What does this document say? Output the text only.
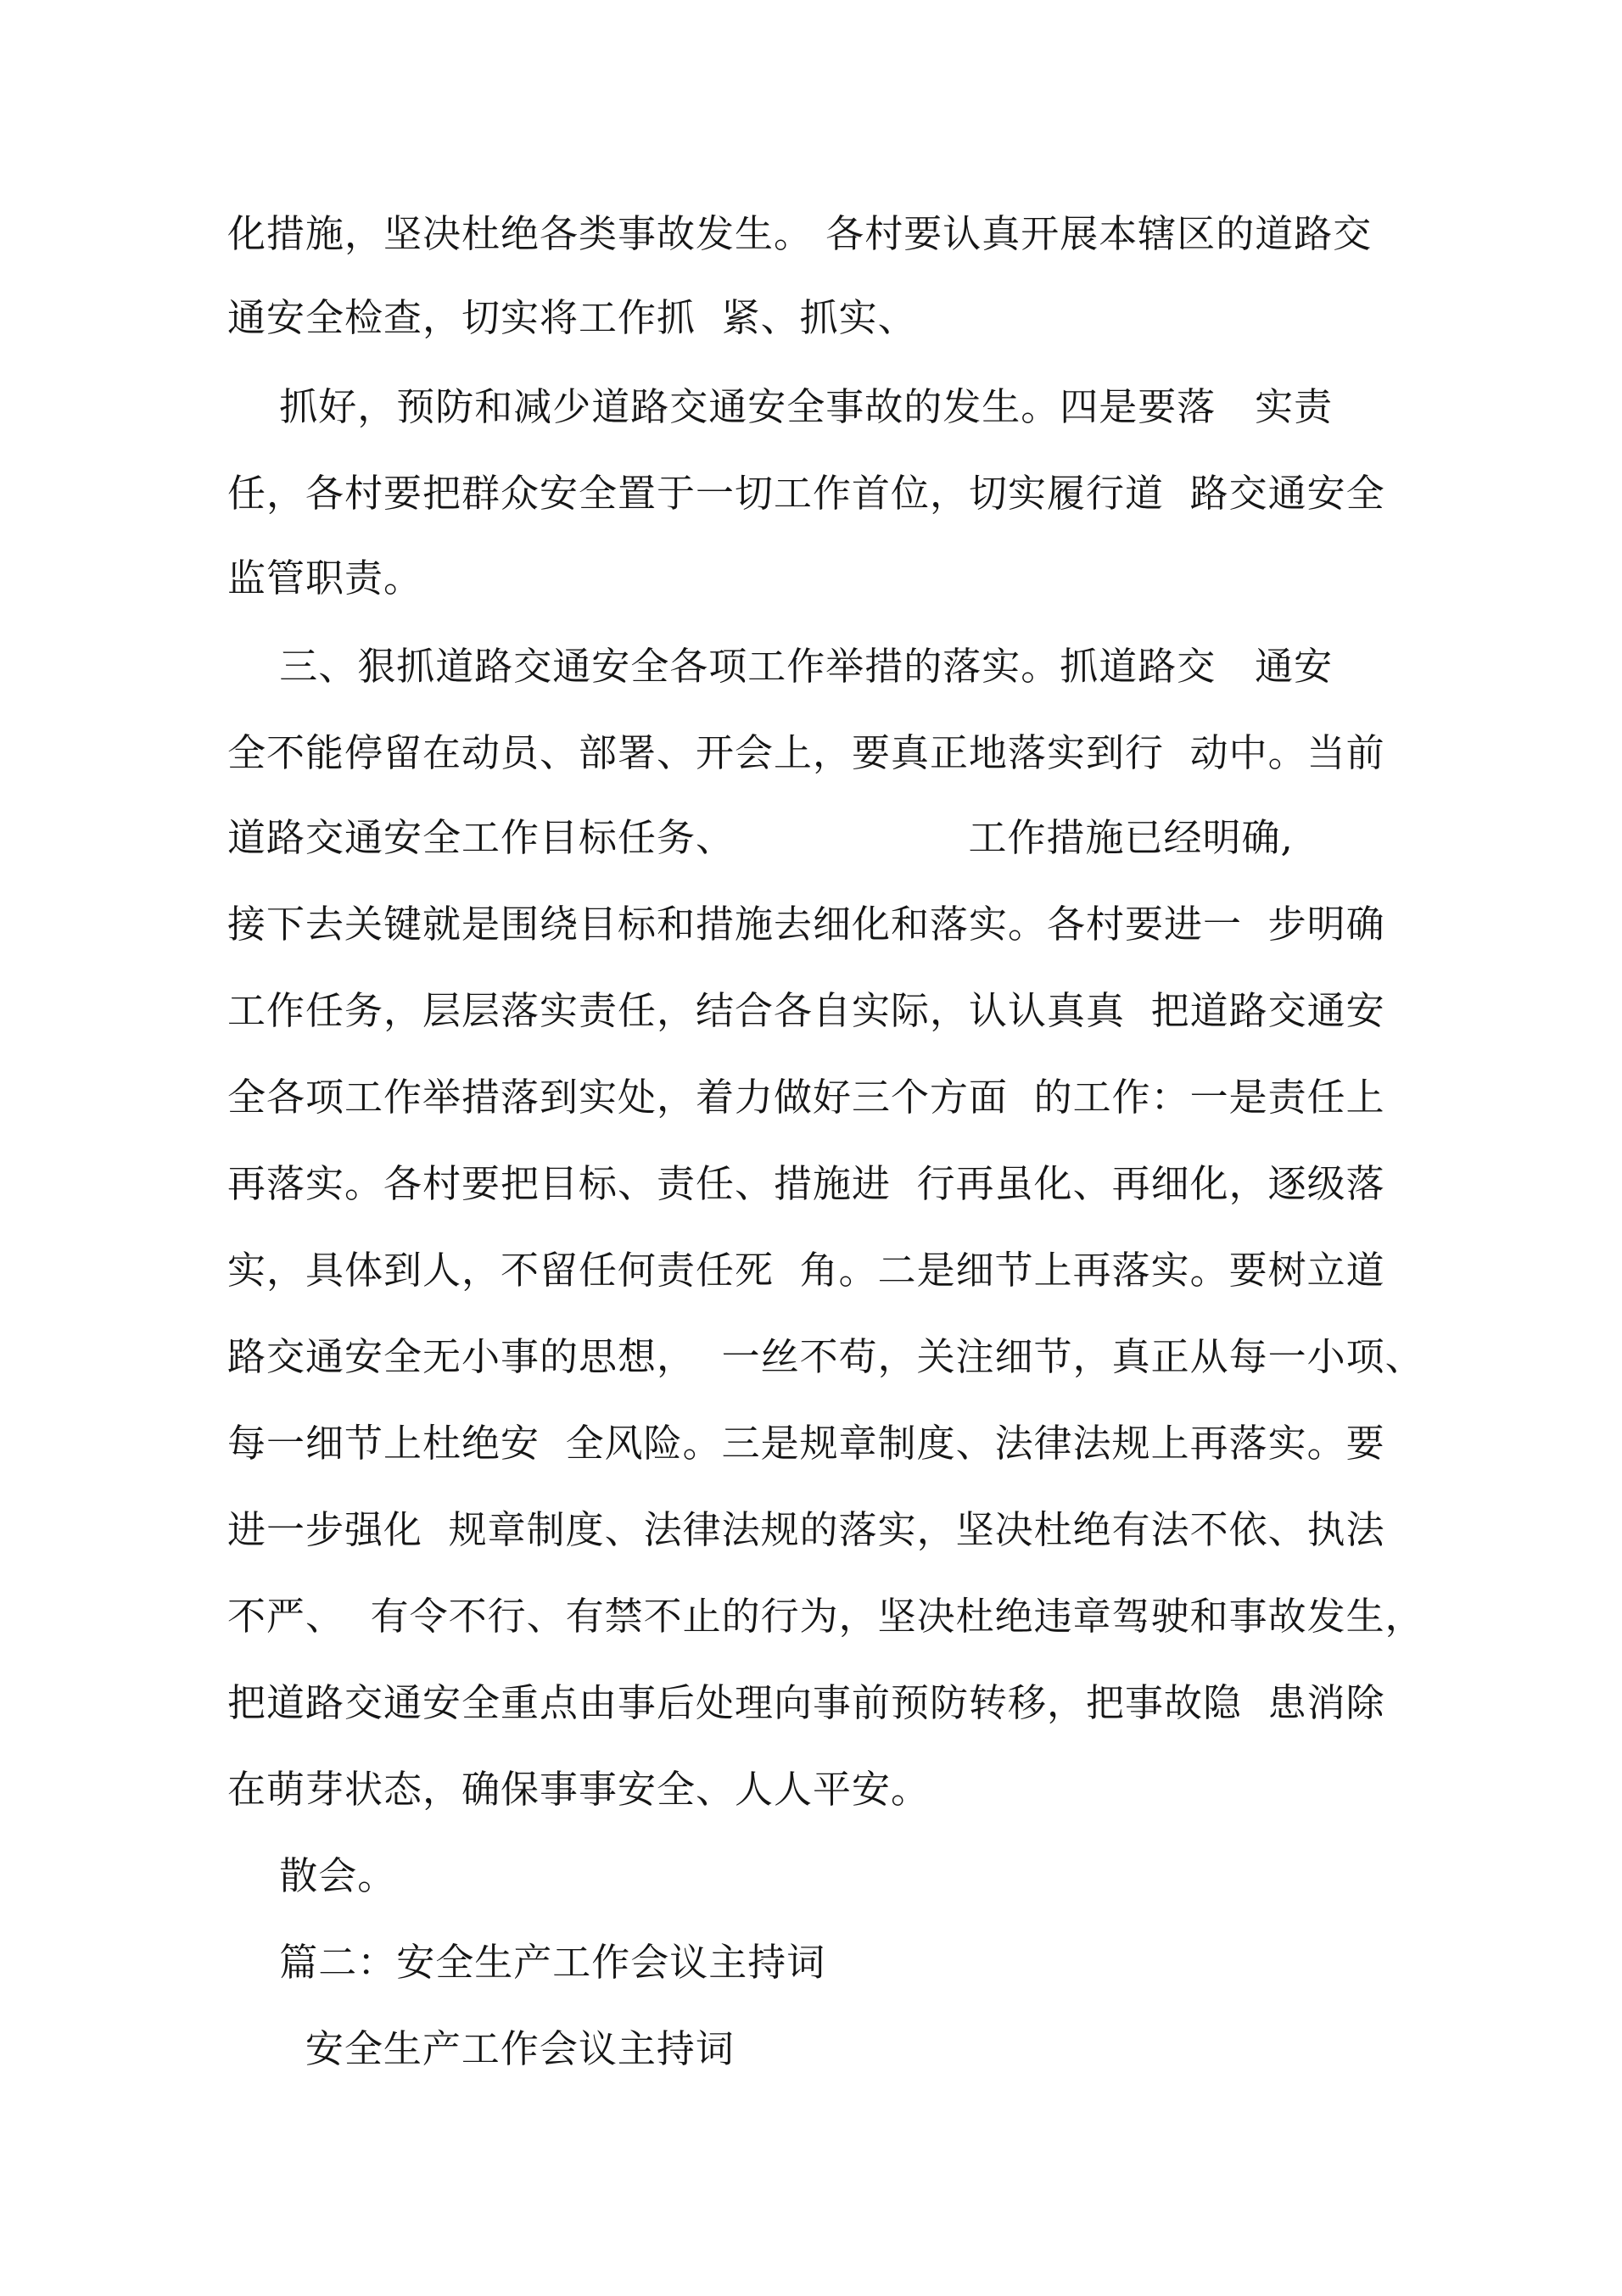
化措施，坚决杜绝各类事故发生。 各村要认真开展本辖区的道路交
通安全检查，切实将工作抓  紧、抓实、
抓好，预防和减少道路交通安全事故的发生。四是要落   实责
任，各村要把群众安全置于一切工作首位，切实履行道  路交通安全
监管职责。
三、狠抓道路交通安全各项工作举措的落实。抓道路交   通安
全不能停留在动员、部署、开会上，要真正地落实到行  动中。当前
道路交通安全工作目标任务、                  工作措施已经明确,
接下去关键就是围绕目标和措施去细化和落实。各村要进一  步明确
工作任务，层层落实责任，结合各自实际，认认真真  把道路交通安
全各项工作举措落到实处，着力做好三个方面  的工作：一是责任上
再落实。各村要把目标、责任、措施进  行再虽化、再细化，逐级落
实，具体到人，不留任何责任死  角。二是细节上再落实。要树立道
路交通安全无小事的思想，  一丝不苟，关注细节，真正从每一小项、
每一细节上杜绝安  全风险。三是规章制度、法律法规上再落实。要
进一步强化  规章制度、法律法规的落实，坚决杜绝有法不依、执法
不严、  有令不行、有禁不止的行为，坚决杜绝违章驾驶和事故发生，
把道路交通安全重点由事后处理向事前预防转移，把事故隐  患消除
在萌芽状态，确保事事安全、人人平安。
散会。
篇二：安全生产工作会议主持词
安全生产工作会议主持词
